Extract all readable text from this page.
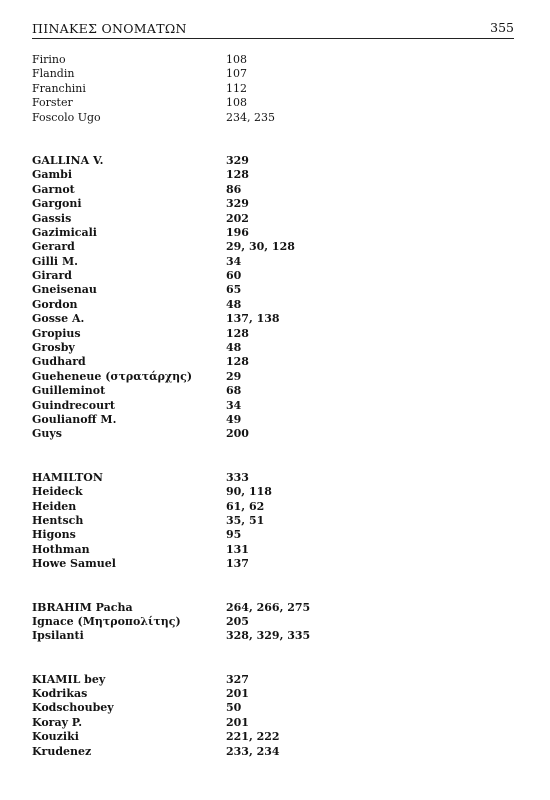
ΠΙΝΑΚΕΣ ΟΝΟΜΑΤΩΝ	355
Firino	108
Flandin	107
Franchini	112
Forster	108
Foscolo Ugo	234, 235
GALLINA V.	329
Gambi	128
Garnot	86
Gargoni	329
Gassis	202
Gazimicali	196
Gerard	29, 30, 128
Gilli M.	34
Girard	60
Gneisenau	65
Gordon	48
Gosse A.	137, 138
Gropius	128
Grosby	48
Gudhard	128
Gueheneue (στρατάρχης)	29
Guilleminot	68
Guindrecourt	34
Goulianoff M.	49
Guys	200
HAMILTON	333
Heideck	90, 118
Heiden	61, 62
Hentsch	35, 51
Higons	95
Hothman	131
Howe Samuel	137
IBRAHIM Pacha	264, 266, 275
Ignace (Μητροπολίτης)	205
Ipsilanti	328, 329, 335
KIAMIL bey	327
Kodrikas	201
Kodschoubey	50
Koray P.	201
Kouziki	221, 222
Krudenez	233, 234
